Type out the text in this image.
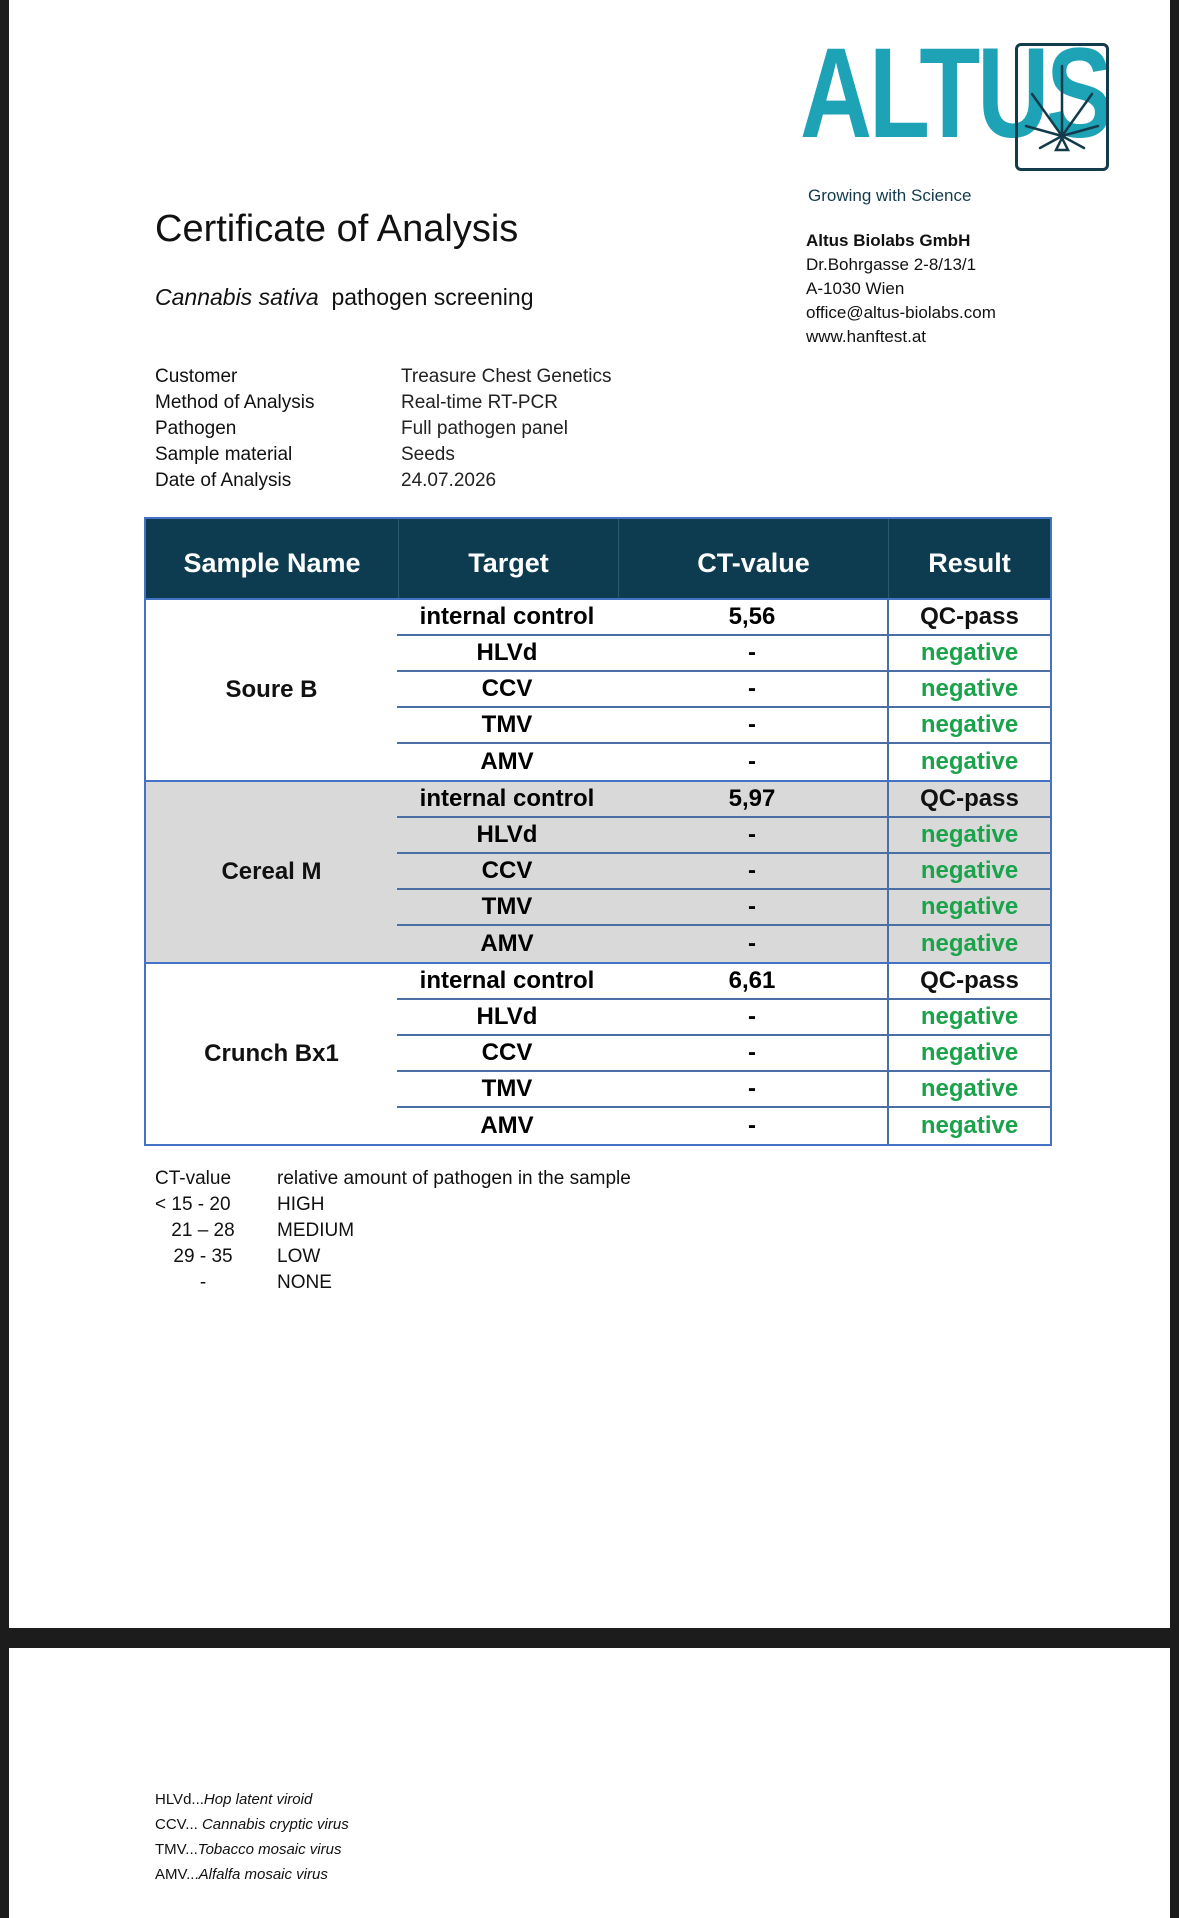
ALTUS
Growing with Science
Altus Biolabs GmbH
Dr.Bohrgasse 2-8/13/1
A-1030 Wien
office@altus-biolabs.com
www.hanftest.at
Certificate of Analysis
Cannabis sativa pathogen screening
Customer	Treasure Chest Genetics
Method of Analysis	Real-time RT-PCR
Pathogen	Full pathogen panel
Sample material	Seeds
Date of Analysis	24.07.2026
Sample Name	Target	CT-value	Result
Soure B
internal control	5,56	QC-pass
HLVd	-	negative
CCV	-	negative
TMV	-	negative
AMV	-	negative
Cereal M
internal control	5,97	QC-pass
HLVd	-	negative
CCV	-	negative
TMV	-	negative
AMV	-	negative
Crunch Bx1
internal control	6,61	QC-pass
HLVd	-	negative
CCV	-	negative
TMV	-	negative
AMV	-	negative
CT-value	relative amount of pathogen in the sample
< 15 - 20	HIGH
21 – 28	MEDIUM
29 - 35	LOW
-	NONE
HLVd...Hop latent viroid
CCV... Cannabis cryptic virus
TMV...Tobacco mosaic virus
AMV...Alfalfa mosaic virus
